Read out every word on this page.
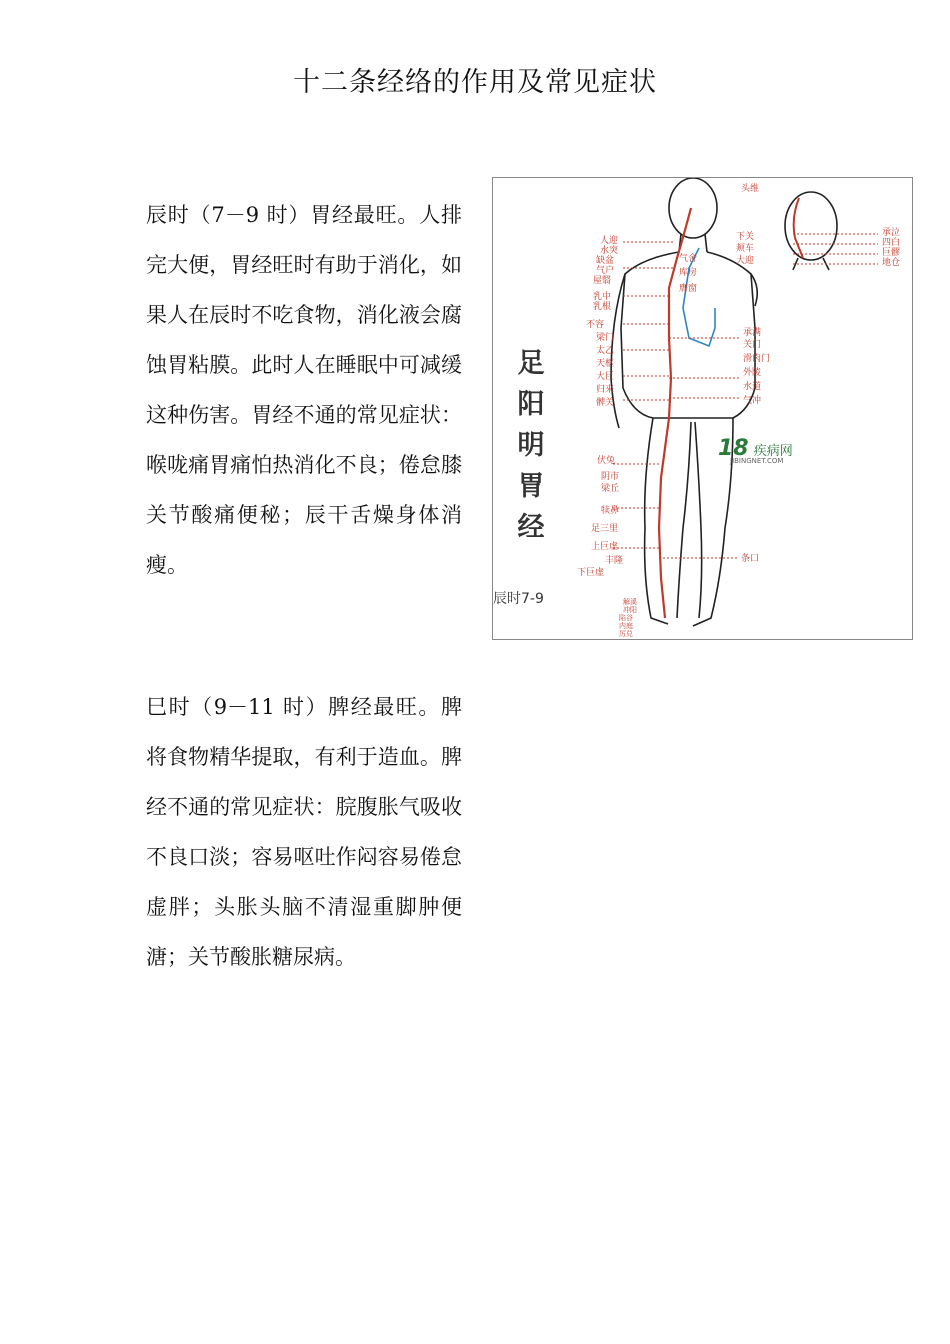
十二条经络的作用及常见症状
辰时（7－9 时）胃经最旺。人排完大便，胃经旺时有助于消化，如果人在辰时不吃食物，消化液会腐蚀胃粘膜。此时人在睡眠中可减缓这种伤害。胃经不通的常见症状：喉咙痛胃痛怕热消化不良；倦怠膝关节酸痛便秘；辰干舌燥身体消瘦。
巳时（9－11 时）脾经最旺。脾将食物精华提取，有利于造血。脾经不通的常见症状：脘腹胀气吸收不良口淡；容易呕吐作闷容易倦怠虚胖；头胀头脑不清湿重脚肿便溏；关节酸胀糖尿病。
足
阳
明
胃
经
辰时7-9
18 疾病网
JIBINGNET.COM
头维
下关
颊车
大迎
承泣
四白
巨髎
地仓
人迎
水突
缺盆
气户
屋翳
乳中
乳根
不容
梁门
太乙
天枢
大巨
归来
髀关
伏兔
阴市
梁丘
犊鼻
足三里
上巨虚
丰隆
下巨虚
气舍
库房
膺窗
承满
关门
滑肉门
外陵
水道
气冲
条口
解溪
冲阳
陷谷
内庭
厉兑
